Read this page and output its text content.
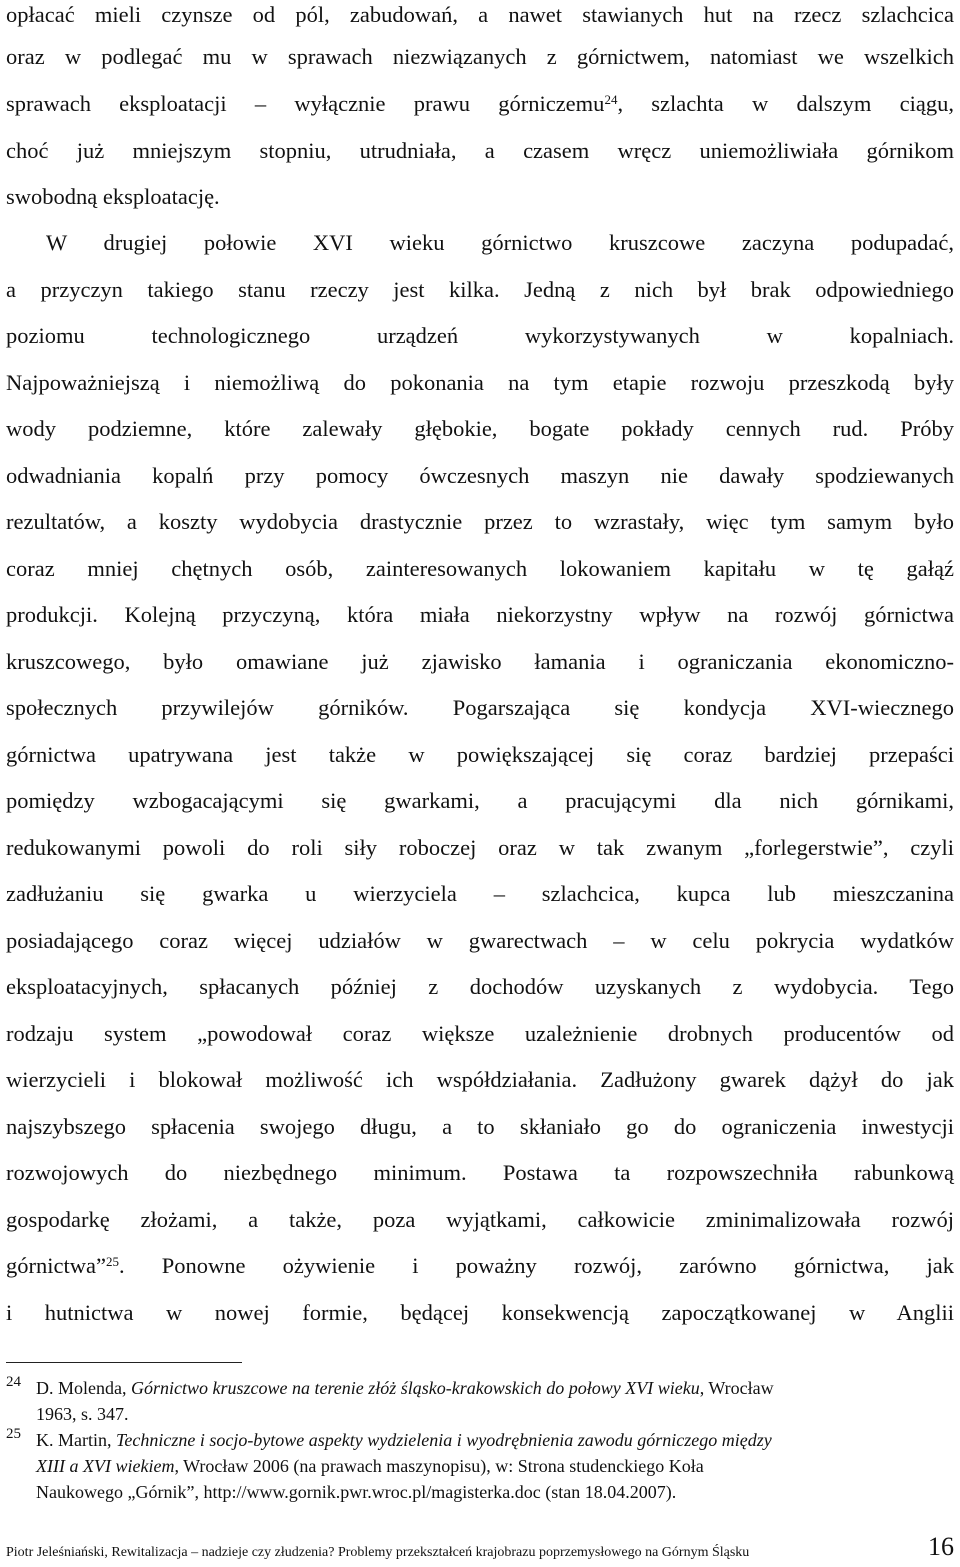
opłacać mieli czynsze od pól, zabudowań, a nawet stawianych hut na rzecz szlachcica
oraz w podlegać mu w sprawach niezwiązanych z górnictwem, natomiast we wszelkich
sprawach eksploatacji – wyłącznie prawu górniczemu$^{24}$, szlachta w dalszym ciągu,
choć już mniejszym stopniu, utrudniała, a czasem wręcz uniemożliwiała górnikom
swobodną eksploatację.
W drugiej połowie XVI wieku górnictwo kruszcowe zaczyna podupadać,
a przyczyn takiego stanu rzeczy jest kilka. Jedną z nich był brak odpowiedniego
poziomu technologicznego urządzeń wykorzystywanych w kopalniach.
Najpoważniejszą i niemożliwą do pokonania na tym etapie rozwoju przeszkodą były
wody podziemne, które zalewały głębokie, bogate pokłady cennych rud. Próby
odwadniania kopalń przy pomocy ówczesnych maszyn nie dawały spodziewanych
rezultatów, a koszty wydobycia drastycznie przez to wzrastały, więc tym samym było
coraz mniej chętnych osób, zainteresowanych lokowaniem kapitału w tę gałąź
produkcji. Kolejną przyczyną, która miała niekorzystny wpływ na rozwój górnictwa
kruszcowego, było omawiane już zjawisko łamania i ograniczania ekonomiczno-
społecznych przywilejów górników. Pogarszająca się kondycja XVI-wiecznego
górnictwa upatrywana jest także w powiększającej się coraz bardziej przepaści
pomiędzy wzbogacającymi się gwarkami, a pracującymi dla nich górnikami,
redukowanymi powoli do roli siły roboczej oraz w tak zwanym „forlegerstwie”, czyli
zadłużaniu się gwarka u wierzyciela – szlachcica, kupca lub mieszczanina
posiadającego coraz więcej udziałów w gwarectwach – w celu pokrycia wydatków
eksploatacyjnych, spłacanych później z dochodów uzyskanych z wydobycia. Tego
rodzaju system „powodował coraz większe uzależnienie drobnych producentów od
wierzycieli i blokował możliwość ich współdziałania. Zadłużony gwarek dążył do jak
najszybszego spłacenia swojego długu, a to skłaniało go do ograniczenia inwestycji
rozwojowych do niezbędnego minimum. Postawa ta rozpowszechniła rabunkową
gospodarkę złożami, a także, poza wyjątkami, całkowicie zminimalizowała rozwój
górnictwa”$^{25}$. Ponowne ożywienie i poważny rozwój, zarówno górnictwa, jak
i hutnictwa w nowej formie, będącej konsekwencją zapoczątkowanej w Anglii
24 D. Molenda, Górnictwo kruszcowe na terenie złóż śląsko-krakowskich do połowy XVI wieku, Wrocław
1963, s. 347.
25 K. Martin, Techniczne i socjo-bytowe aspekty wydzielenia i wyodrębnienia zawodu górniczego między
XIII a XVI wiekiem, Wrocław 2006 (na prawach maszynopisu), w: Strona studenckiego Koła
Naukowego „Górnik”, http://www.gornik.pwr.wroc.pl/magisterka.doc (stan 18.04.2007).
Piotr Jeleśniański, Rewitalizacja – nadzieje czy złudzenia? Problemy przekształceń krajobrazu poprzemysłowego na Górnym Śląsku	16
